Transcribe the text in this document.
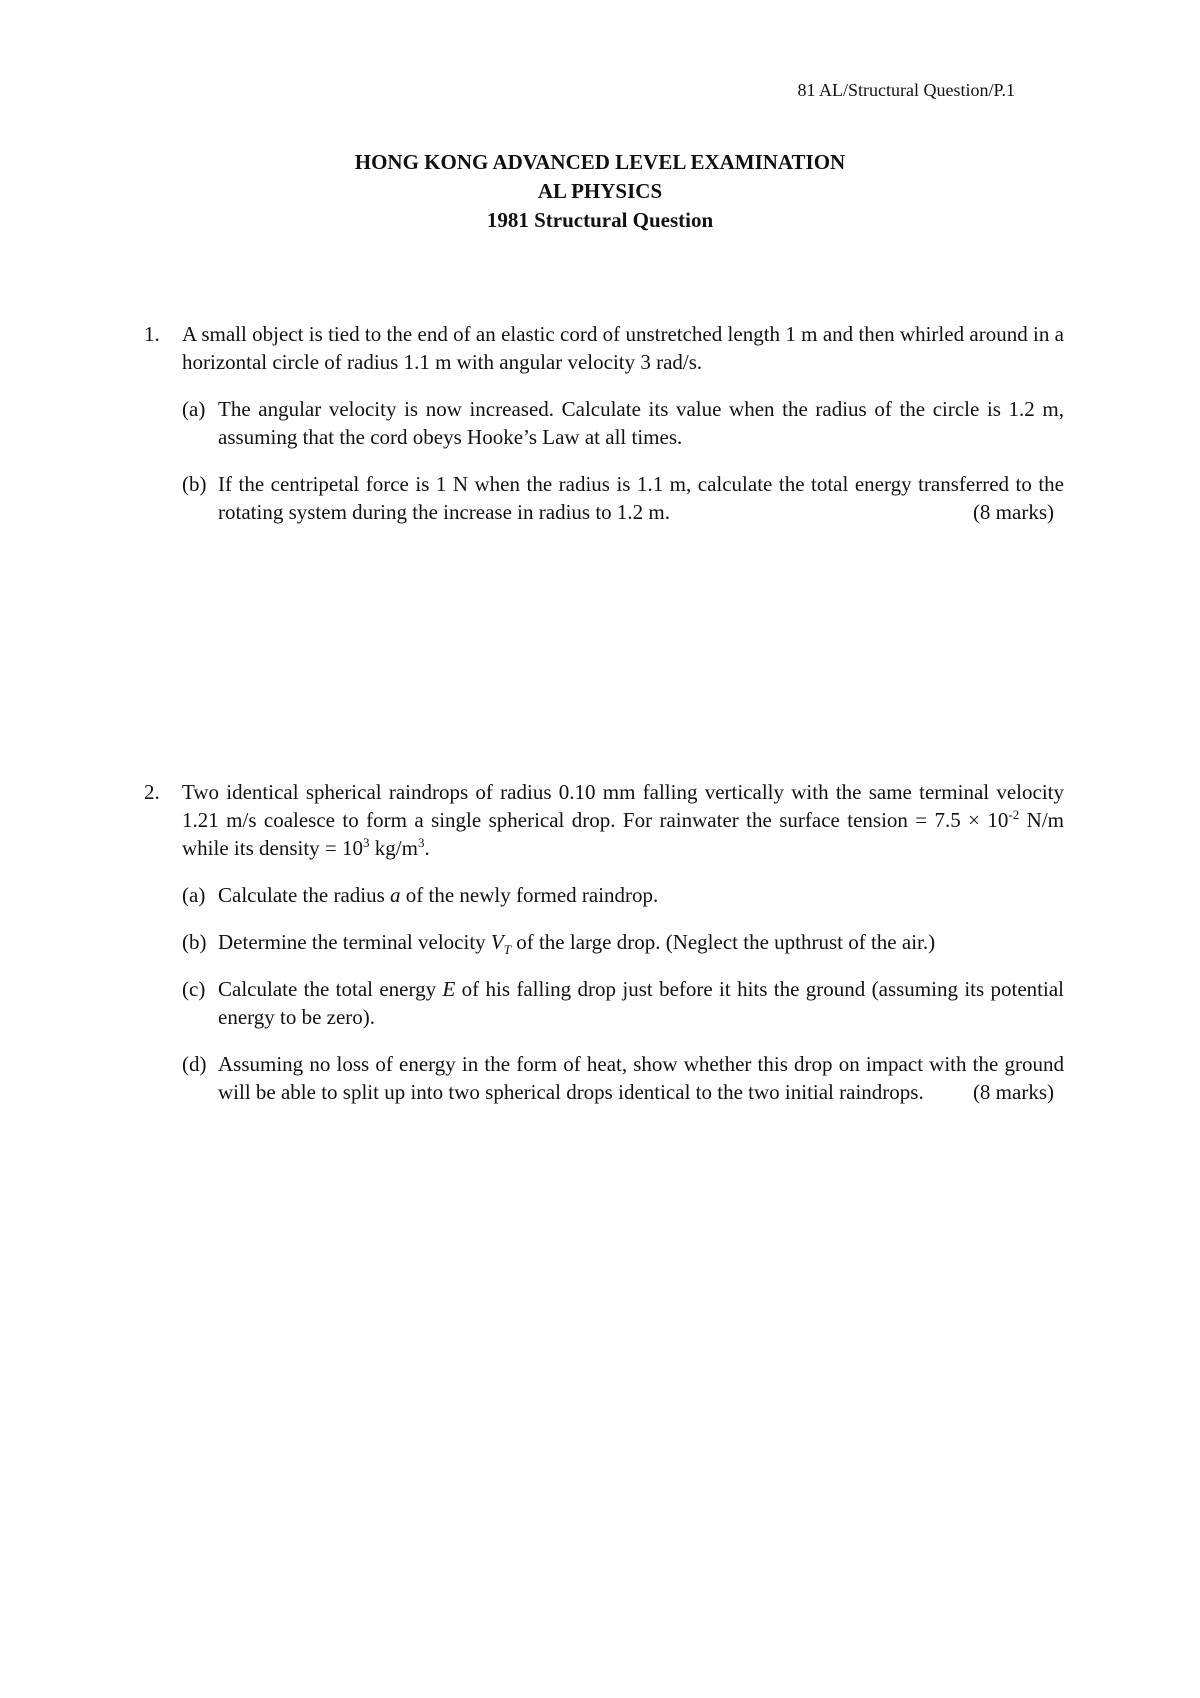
81 AL/Structural Question/P.1
HONG KONG ADVANCED LEVEL EXAMINATION
AL PHYSICS
1981 Structural Question
1. A small object is tied to the end of an elastic cord of unstretched length 1 m and then whirled around in a horizontal circle of radius 1.1 m with angular velocity 3 rad/s.
(a) The angular velocity is now increased. Calculate its value when the radius of the circle is 1.2 m, assuming that the cord obeys Hooke’s Law at all times.
(b) If the centripetal force is 1 N when the radius is 1.1 m, calculate the total energy transferred to the rotating system during the increase in radius to 1.2 m.	(8 marks)
2. Two identical spherical raindrops of radius 0.10 mm falling vertically with the same terminal velocity 1.21 m/s coalesce to form a single spherical drop. For rainwater the surface tension = $7.5 \times 10^{-2}$ N/m while its density = $10^3$ $kg/m^3$.
(a) Calculate the radius a of the newly formed raindrop.
(b) Determine the terminal velocity $V_T$ of the large drop. (Neglect the upthrust of the air.)
(c) Calculate the total energy E of his falling drop just before it hits the ground (assuming its potential energy to be zero).
(d) Assuming no loss of energy in the form of heat, show whether this drop on impact with the ground will be able to split up into two spherical drops identical to the two initial raindrops. (8 marks)
